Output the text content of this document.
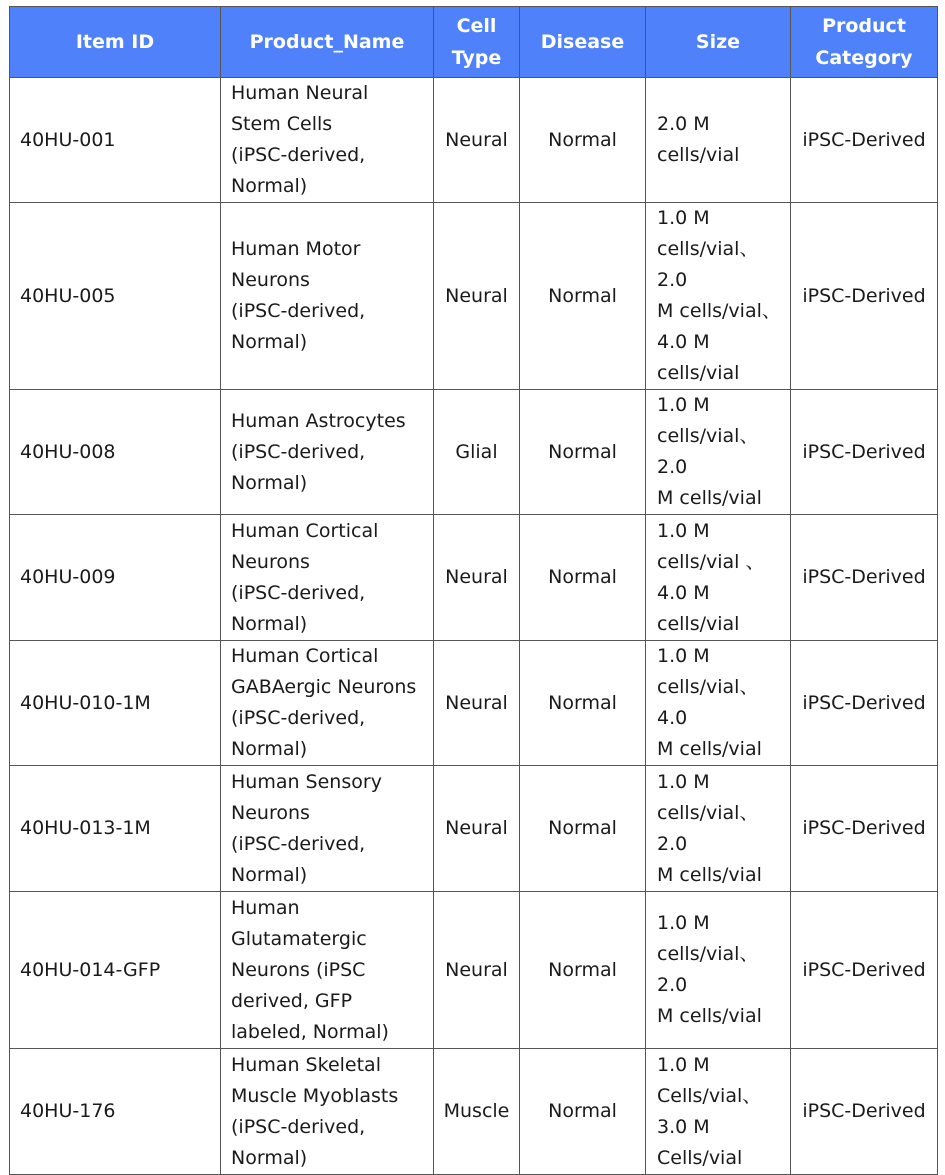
Item ID	Product_Name	Cell
Type	Disease	Size	Product
Category
40HU-001	Human Neural
Stem Cells
(iPSC-derived,
Normal)	Neural	Normal	2.0 M
cells/vial	iPSC-Derived
40HU-005	Human Motor
Neurons
(iPSC-derived,
Normal)	Neural	Normal	1.0 M
cells/vial、2.0
M cells/vial、
4.0 M
cells/vial	iPSC-Derived
40HU-008	Human Astrocytes
(iPSC-derived,
Normal)	Glial	Normal	1.0 M
cells/vial、2.0
M cells/vial	iPSC-Derived
40HU-009	Human Cortical
Neurons
(iPSC-derived,
Normal)	Neural	Normal	1.0 M
cells/vial 、
4.0 M
cells/vial	iPSC-Derived
40HU-010-1M	Human Cortical
GABAergic Neurons
(iPSC-derived,
Normal)	Neural	Normal	1.0 M
cells/vial、4.0
M cells/vial	iPSC-Derived
40HU-013-1M	Human Sensory
Neurons
(iPSC-derived,
Normal)	Neural	Normal	1.0 M
cells/vial、2.0
M cells/vial	iPSC-Derived
40HU-014-GFP	Human
Glutamatergic
Neurons (iPSC
derived, GFP
labeled, Normal)	Neural	Normal	1.0 M
cells/vial、2.0
M cells/vial	iPSC-Derived
40HU-176	Human Skeletal
Muscle Myoblasts
(iPSC-derived,
Normal)	Muscle	Normal	1.0 M
Cells/vial、
3.0 M
Cells/vial	iPSC-Derived
